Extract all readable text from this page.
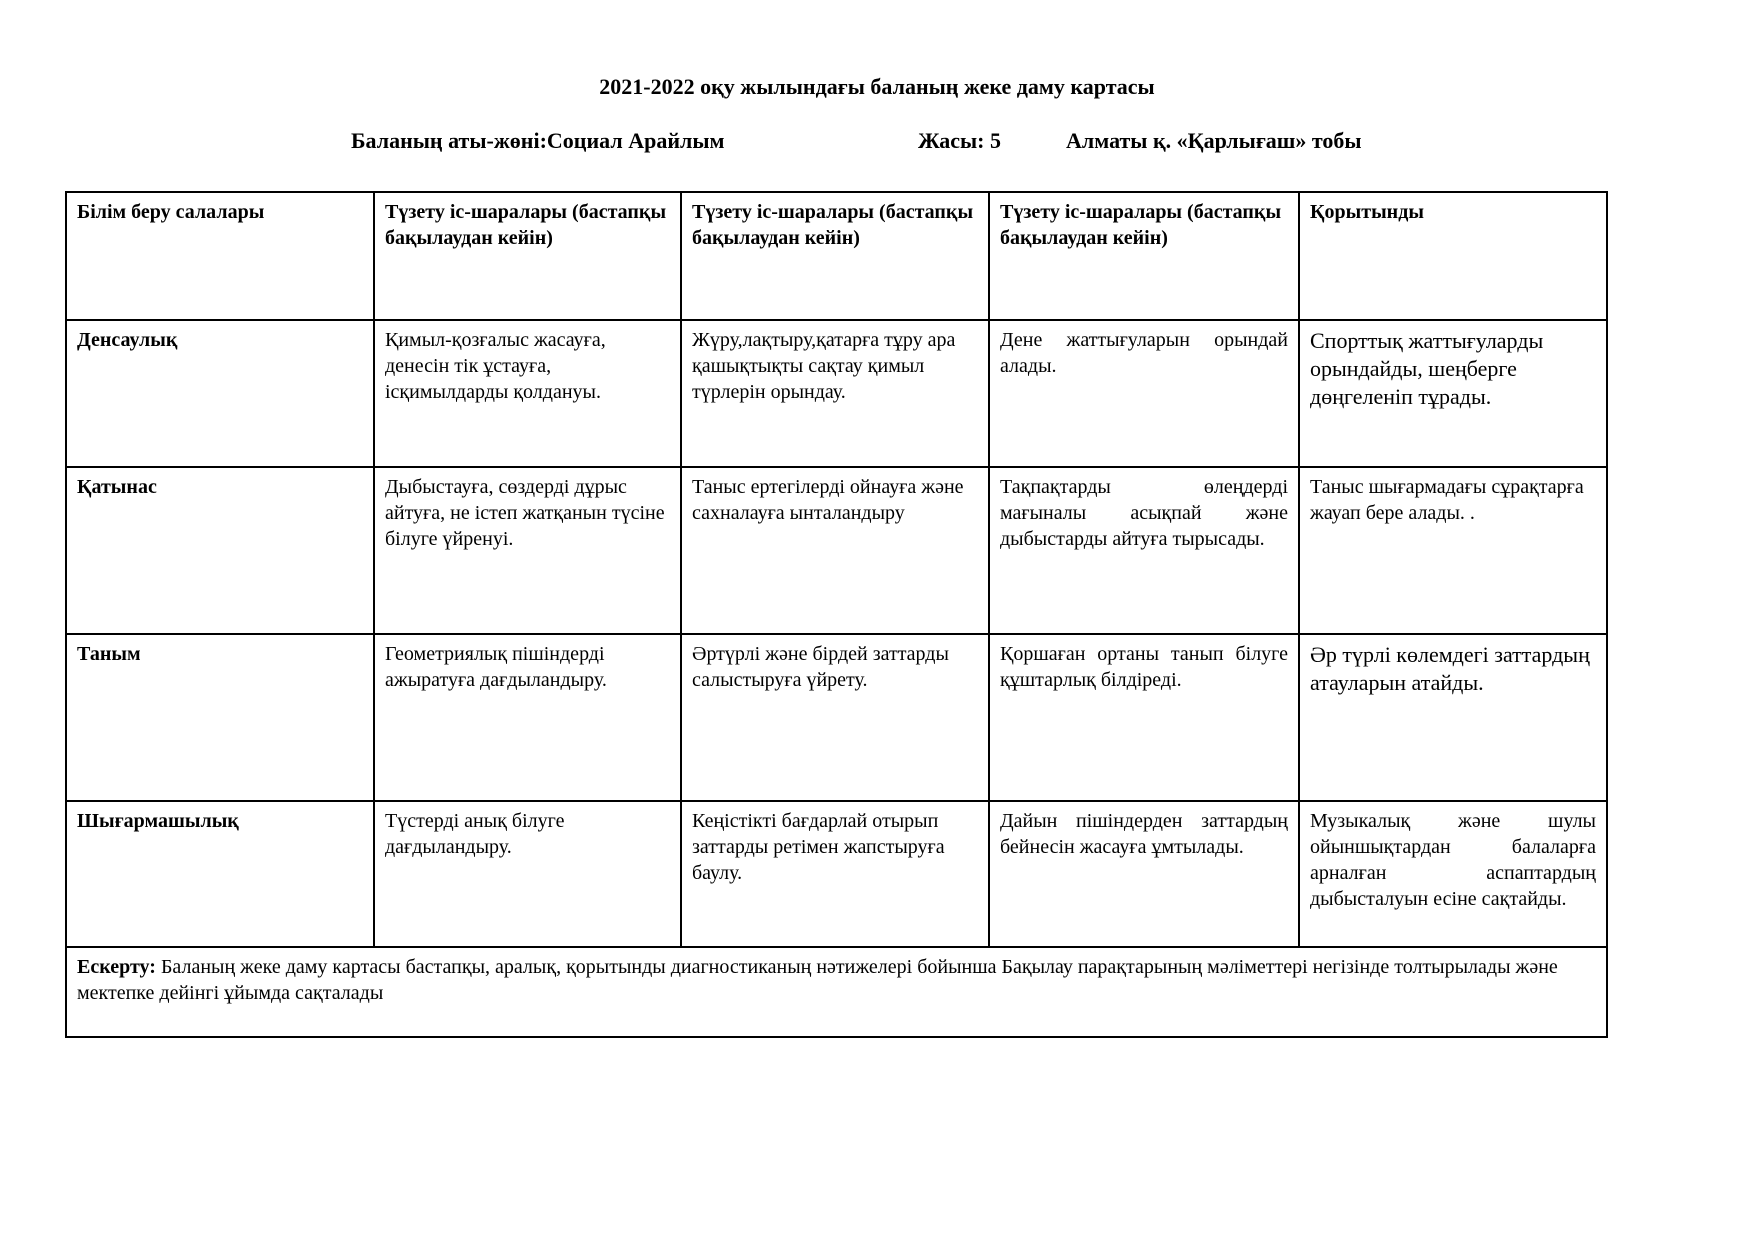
2021-2022 оқу жылындағы баланың жеке даму картасы
Баланың аты-жөні:Социал Арайлым	Жасы: 5	Алматы қ. «Қарлығаш» тобы
Білім беру салалары	Түзету іс-шаралары (бастапқы бақылаудан кейін)	Түзету іс-шаралары (бастапқы бақылаудан кейін)	Түзету іс-шаралары (бастапқы бақылаудан кейін)	Қорытынды
Денсаулық	Қимыл-қозғалыс жасауға, денесін тік ұстауға, ісқимылдарды қолдануы.	Жүру,лақтыру,қатарға тұру ара қашықтықты сақтау қимыл түрлерін орындау.	Дене жаттығуларын орындай алады.	Спорттық жаттығуларды орындайды, шеңберге дөңгеленіп тұрады.
Қатынас	Дыбыстауға, сөздерді дұрыс айтуға, не істеп жатқанын түсіне білуге үйренуі.	Таныс ертегілерді ойнауға және сахналауға ынталандыру	Тақпақтарды өлеңдерді мағыналы асықпай және дыбыстарды айтуға тырысады.	Таныс шығармадағы сұрақтарға жауап бере алады. .
Таным	Геометриялық пішіндерді ажыратуға дағдыландыру.	Әртүрлі және бірдей заттарды салыстыруға үйрету.	Қоршаған ортаны танып білуге құштарлық білдіреді.	Әр түрлі көлемдегі заттардың атауларын атайды.
Шығармашылық	Түстерді анық білуге дағдыландыру.	Кеңістікті бағдарлай отырып заттарды ретімен жапстыруға баулу.	Дайын пішіндерден заттардың бейнесін жасауға ұмтылады.	Музыкалық және шулы ойыншықтардан балаларға арналған аспаптардың дыбысталуын есіне сақтайды.
Ескерту: Баланың жеке даму картасы бастапқы, аралық, қорытынды диагностиканың нәтижелері бойынша Бақылау парақтарының мәліметтері негізінде толтырылады және мектепке дейінгі ұйымда сақталады				
